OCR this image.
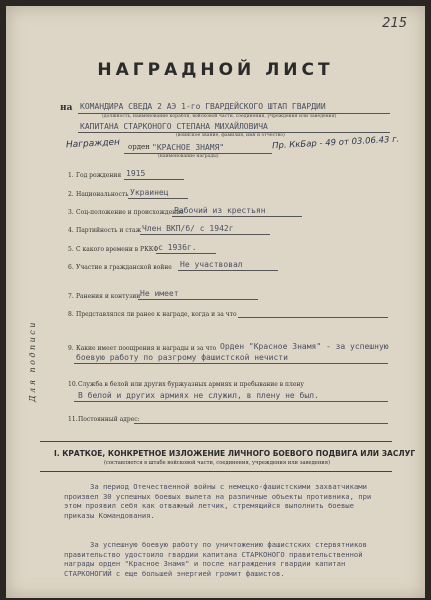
215
НАГРАДНОЙ ЛИСТ
на КОМАНДИРА СВЕДА 2 АЭ 1-го ГВАРДЕЙСКОГО ШТАП ГВАРДИИ
(должность, наименование корабля, войсковой части, соединения, учреждения или заведения)
КАПИТАНА СТАРКОНОГО СТЕПАНА МИХАЙЛОВИЧА
(воинское звание, фамилия, имя и отчество)
Награжден орден "КРАСНОЕ ЗНАМЯ"
(наименование награды)
Пр. КкБар - 49 от 03.06.43 г.
Для подписи
1. Год рождения 1915
2. Национальность Украинец
3. Соц-положение и происхождение
Рабочий из крестьян
4. Партийность и стаж Член ВКП/б/ с 1942г
5. С какого времени в РККФ с 1936г.
6. Участие в гражданской войне Не участвовал
7. Ранения и контузии Не имеет
8. Представлялся ли ранее к награде, когда и за что
9. Какие имеет поощрения и награды и за что Орден "Красное Знамя" - за успешную
боевую работу по разгрому фашистской нечисти
10. Служба в белой или других буржуазных армиях и пребывание в плену
В белой и других армиях не служил, в плену не был.
11. Постоянный адрес:
I. КРАТКОЕ, КОНКРЕТНОЕ ИЗЛОЖЕНИЕ ЛИЧНОГО БОЕВОГО ПОДВИГА ИЛИ ЗАСЛУГ
(составляется в штабе войсковой части, соединения, учреждения или заведения)
За период Отечественной войны с немецко-фашистскими захватчиками произвел 30 успешных боевых вылета на различные объекты противника, при этом проявил себя как отважный летчик, стремящийся выполнить боевые приказы Командования.
За успешную боевую работу по уничтожению фашистских стервятников правительство удостоило гвардии капитана СТАРКОНОГО правительственной награды орден "Красное Знамя" и после награждения гвардии капитан СТАРКОНОГИЙ с еще большей энергией громит фашистов.
